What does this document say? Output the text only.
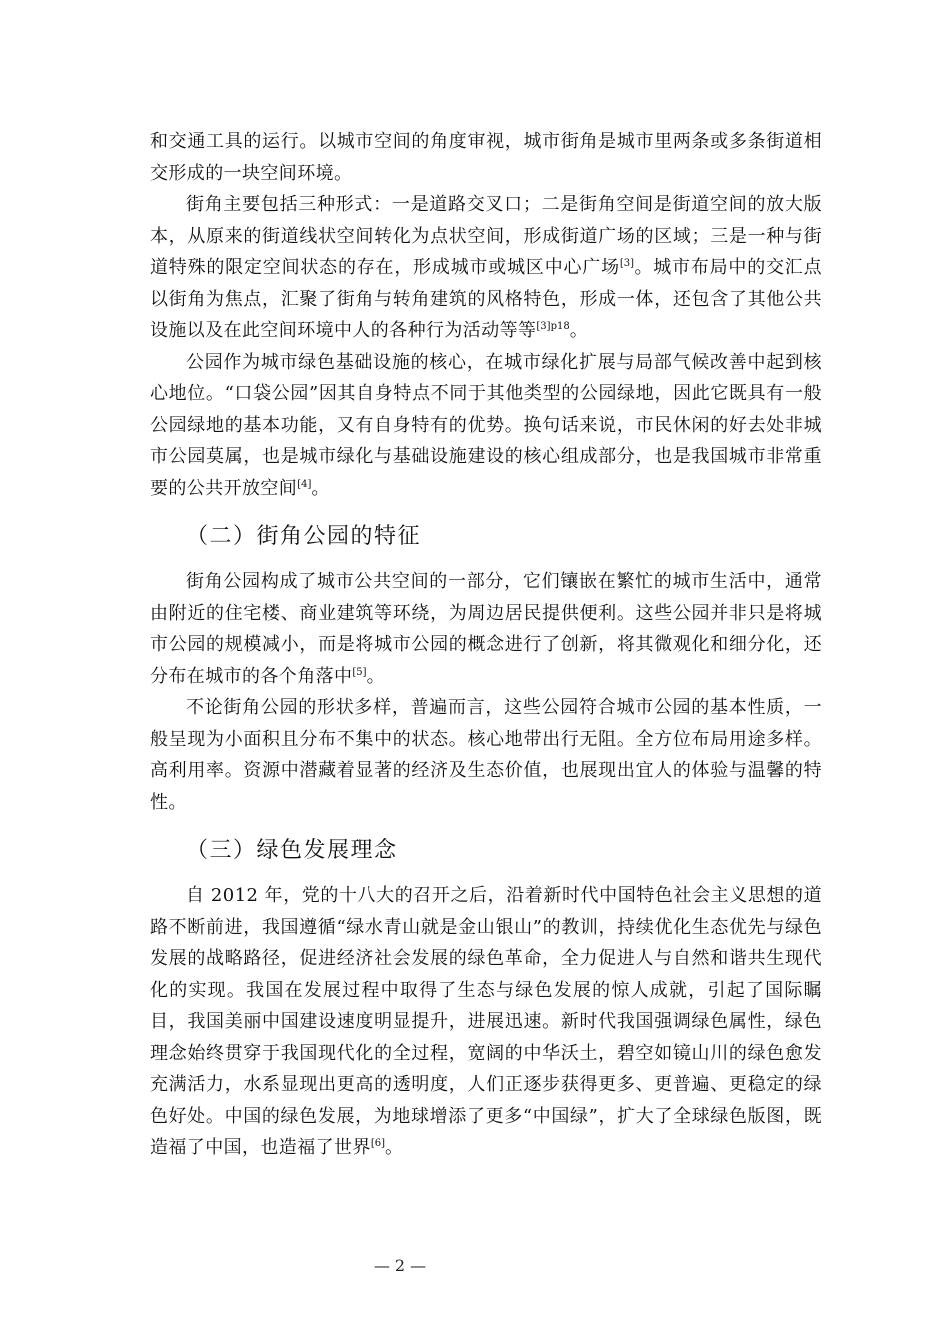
和交通工具的运行。以城市空间的角度审视，城市街角是城市里两条或多条街道相交形成的一块空间环境。

街角主要包括三种形式：一是道路交叉口；二是街角空间是街道空间的放大版本，从原来的街道线状空间转化为点状空间，形成街道广场的区域；三是一种与街道特殊的限定空间状态的存在，形成城市或城区中心广场[3]。城市布局中的交汇点以街角为焦点，汇聚了街角与转角建筑的风格特色，形成一体，还包含了其他公共设施以及在此空间环境中人的各种行为活动等等$^{[3]p18}$。

公园作为城市绿色基础设施的核心，在城市绿化扩展与局部气候改善中起到核心地位。“口袋公园”因其自身特点不同于其他类型的公园绿地，因此它既具有一般公园绿地的基本功能，又有自身特有的优势。换句话来说，市民休闲的好去处非城市公园莫属，也是城市绿化与基础设施建设的核心组成部分，也是我国城市非常重要的公共开放空间[4]。

（二）街角公园的特征

街角公园构成了城市公共空间的一部分，它们镶嵌在繁忙的城市生活中，通常由附近的住宅楼、商业建筑等环绕，为周边居民提供便利。这些公园并非只是将城市公园的规模减小，而是将城市公园的概念进行了创新，将其微观化和细分化，还分布在城市的各个角落中[5]。

不论街角公园的形状多样，普遍而言，这些公园符合城市公园的基本性质，一般呈现为小面积且分布不集中的状态。核心地带出行无阻。全方位布局用途多样。高利用率。资源中潜藏着显著的经济及生态价值，也展现出宜人的体验与温馨的特性。

（三）绿色发展理念

自 2012 年，党的十八大的召开之后，沿着新时代中国特色社会主义思想的道路不断前进，我国遵循“绿水青山就是金山银山”的教训，持续优化生态优先与绿色发展的战略路径，促进经济社会发展的绿色革命，全力促进人与自然和谐共生现代化的实现。我国在发展过程中取得了生态与绿色发展的惊人成就，引起了国际瞩目，我国美丽中国建设速度明显提升，进展迅速。新时代我国强调绿色属性，绿色理念始终贯穿于我国现代化的全过程，宽阔的中华沃土，碧空如镜山川的绿色愈发充满活力，水系显现出更高的透明度，人们正逐步获得更多、更普遍、更稳定的绿色好处。中国的绿色发展，为地球增添了更多“中国绿”，扩大了全球绿色版图，既造福了中国，也造福了世界[6]。

— 2 —
